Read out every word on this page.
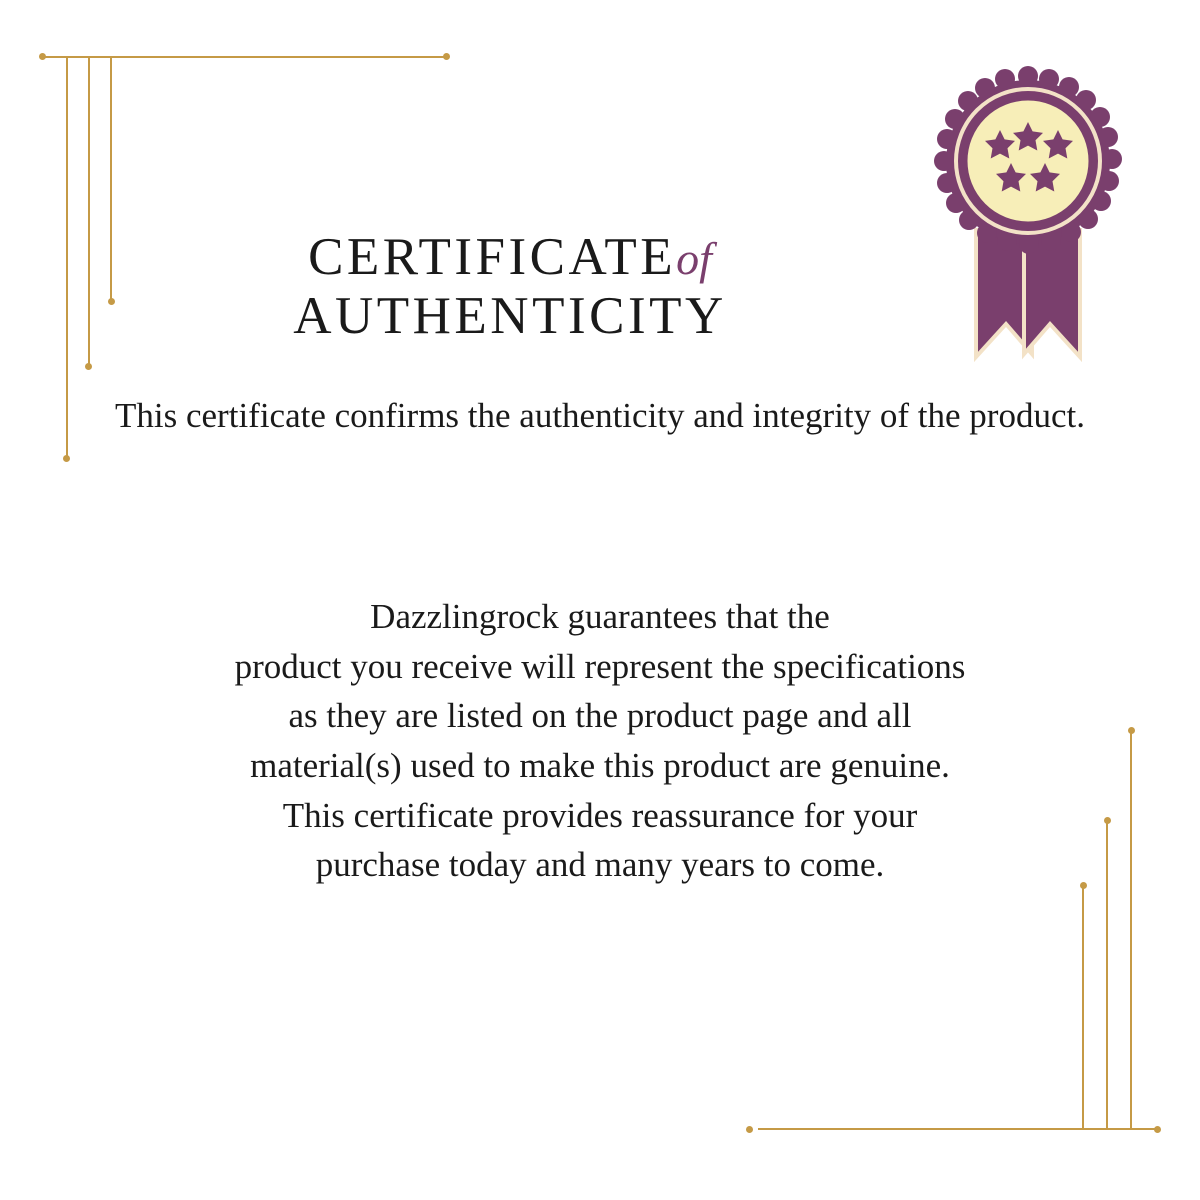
CERTIFICATEof
AUTHENTICITY
This certificate confirms the authenticity and integrity of the product.

Dazzlingrock guarantees that the

product you receive will represent the specifications

as they are listed on the product page and all

material(s) used to make this product are genuine.

This certificate provides reassurance for your

purchase today and many years to come.
